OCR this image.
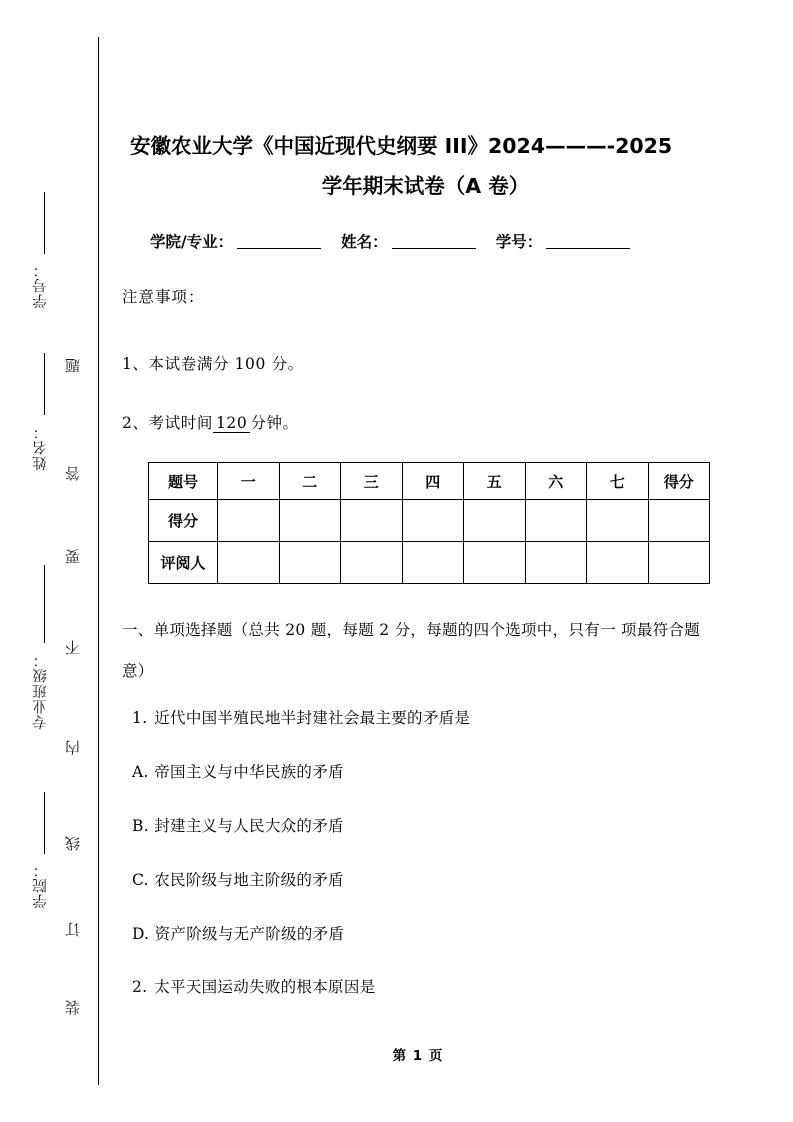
学号：
姓名：
专业班级：
学院：
题
答
要
不
内
线
订
装
安徽农业大学《中国近现代史纲要 III》2024———-2025
学年期末试卷（A 卷）
学院/专业：	姓名：	学号：
注意事项：
1、本试卷满分 100 分。
2、考试时间 120 分钟。
题号	一	二	三	四	五	六	七	得分
得分								
评阅人								
一、单项选择题（总共 20 题，每题 2 分，每题的四个选项中，只有一 项最符合题意）
1. 近代中国半殖民地半封建社会最主要的矛盾是
A. 帝国主义与中华民族的矛盾
B. 封建主义与人民大众的矛盾
C. 农民阶级与地主阶级的矛盾
D. 资产阶级与无产阶级的矛盾
2. 太平天国运动失败的根本原因是
第 1 页
